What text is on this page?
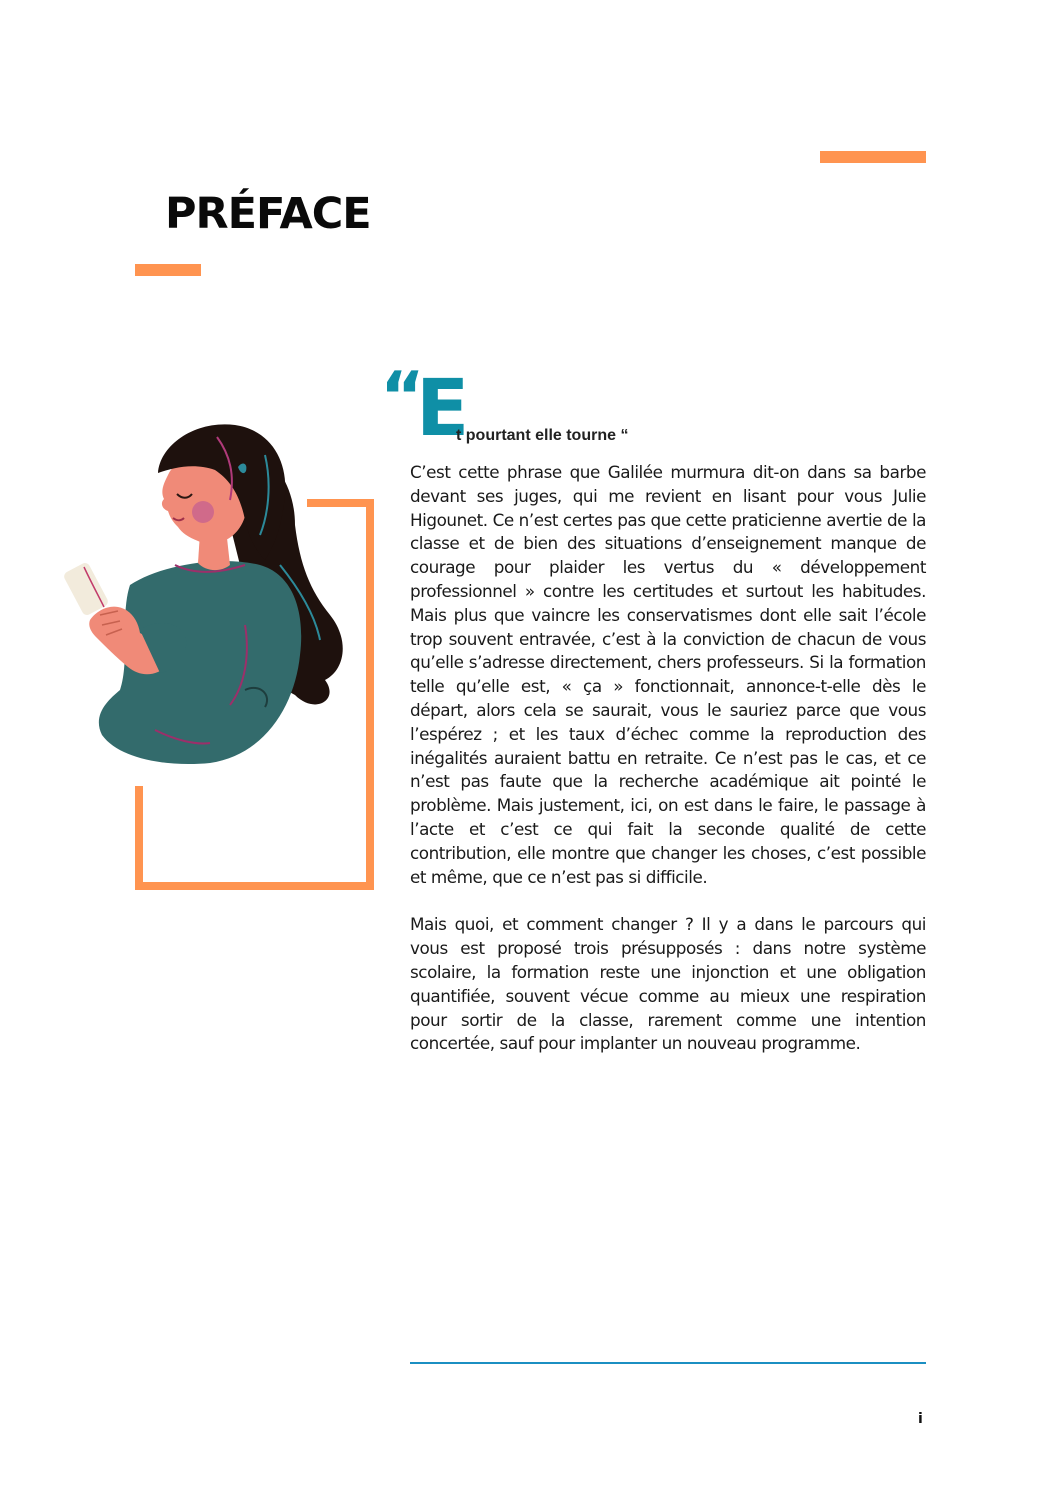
PRÉFACE
“
E
t pourtant elle tourne “

C’est cette phrase que Galilée murmura dit-on dans sa barbe devant ses juges, qui me revient en lisant pour vous Julie Higounet. Ce n’est certes pas que cette praticienne avertie de la classe et de bien des situations d’enseignement manque de courage pour plaider les vertus du « développement professionnel » contre les certitudes et surtout les habitudes. Mais plus que vaincre les conservatismes dont elle sait l’école trop souvent entravée, c’est à la conviction de chacun de vous qu’elle s’adresse directement, chers professeurs. Si la formation telle qu’elle est, « ça » fonctionnait, annonce-t-elle dès le départ, alors cela se saurait, vous le sauriez parce que vous l’espérez ; et les taux d’échec comme la reproduction des inégalités auraient battu en retraite. Ce n’est pas le cas, et ce n’est pas faute que la recherche académique ait pointé le problème. Mais justement, ici, on est dans le faire, le passage à l’acte et c’est ce qui fait la seconde qualité de cette contribution, elle montre que changer les choses, c’est possible et même, que ce n’est pas si difficile.

Mais quoi, et comment changer ? Il y a dans le parcours qui vous est proposé trois présupposés : dans notre système scolaire, la formation reste une injonction et une obligation quantifiée, souvent vécue comme au mieux une respiration pour sortir de la classe, rarement comme une intention concertée, sauf pour implanter un nouveau programme.

i
